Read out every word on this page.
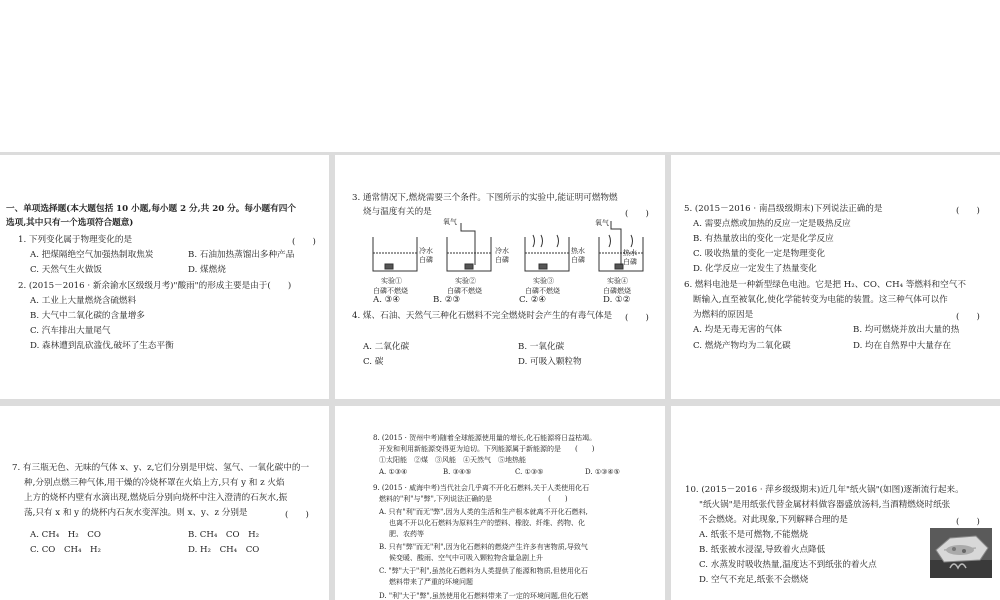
一、单项选择题(本大题包括 10 小题,每小题 2 分,共 20 分。每小题有四个
选项,其中只有一个选项符合题意)
1. 下列变化属于物理变化的是	(　　)
A. 把煤隔绝空气加强热制取焦炭	B. 石油加热蒸馏出多种产品
C. 天然气生火做饭	D. 煤燃烧
2. (2015－2016 · 新余渝水区级级月考)"酸雨"的形成主要是由于(　　)
A. 工业上大量燃烧含硫燃料
B. 大气中二氧化碳的含量增多
C. 汽车排出大量尾气
D. 森林遭到乱砍滥伐,破坏了生态平衡
3. 通常情况下,燃烧需要三个条件。下图所示的实验中,能证明可燃物燃
烧与温度有关的是	(　　)
氧气	氧气
冷水
白磷
冷水
白磷
热水
白磷
热水
白磷
实验①	实验②	实验③	实验④
白磷不燃烧	白磷不燃烧	白磷不燃烧	白磷燃烧
A. ③④	B. ②③	C. ②④	D. ①②
4. 煤、石油、天然气三种化石燃料不完全燃烧时会产生的有毒气体是 (　　)
A. 二氧化碳	B. 一氧化碳
C. 碳	D. 可吸入颗粒物
5. (2015－2016 · 南昌级级期末)下列说法正确的是	(　　)
A. 需要点燃或加热的反应一定是吸热反应
B. 有热量放出的变化一定是化学反应
C. 吸收热量的变化一定是物理变化
D. 化学反应一定发生了热量变化
6. 燃料电池是一种新型绿色电池。它是把 H₂、CO、CH₄ 等燃料和空气不
断输入,直至被氧化,使化学能转变为电能的装置。这三种气体可以作
为燃料的原因是	(　　)
A. 均是无毒无害的气体	B. 均可燃烧并放出大量的热
C. 燃烧产物均为二氧化碳	D. 均在自然界中大量存在
7. 有三瓶无色、无味的气体 x、y、z,它们分别是甲烷、氢气、一氧化碳中的一
种,分别点燃三种气体,用干燥的冷烧杯罩在火焰上方,只有 y 和 z 火焰
上方的烧杯内壁有水滴出现,燃烧后分别向烧杯中注入澄清的石灰水,振
荡,只有 x 和 y 的烧杯内石灰水变浑浊。则 x、y、z 分别是	(　　)
A. CH₄　H₂　CO	B. CH₄　CO　H₂
C. CO　CH₄　H₂	D. H₂　CH₄　CO
8. (2015 · 贺州中考)随着全球能源使用量的增长,化石能源将日益枯竭。
开发和利用新能源变得更为迫切。下列能源属于新能源的是　　(　　)
①太阳能　②煤　③风能　④天然气　⑤地热能
A. ①③④	B. ③④⑤	C. ①③⑤	D. ①③④⑤
9. (2015 · 威海中考)当代社会几乎离不开化石燃料,关于人类使用化石
燃料的"利"与"弊",下列说法正确的是　　　　　　　　(　　)
A. 只有"利"而无"弊",因为人类的生活和生产根本就离不开化石燃料,
也离不开以化石燃料为原料生产的塑料、橡胶、纤维、药物、化
肥、农药等
B. 只有"弊"而无"利",因为化石燃料的燃烧产生许多有害物质,导致气
候变暖、酸雨、空气中可吸入颗粒物含量急剧上升
C. "弊"大于"利",虽然化石燃料为人类提供了能源和物质,但使用化石
燃料带来了严重的环境问题
D. "利"大于"弊",虽然使用化石燃料带来了一定的环境问题,但化石燃
10. (2015－2016 · 萍乡级级期末)近几年"纸火锅"(如图)逐渐流行起来。
"纸火锅"是用纸张代替金属材料做容器盛放汤料,当酒精燃烧时纸张
不会燃烧。对此现象,下列解释合理的是	(　　)
A. 纸张不是可燃物,不能燃烧
B. 纸张被水浸湿,导致着火点降低
C. 水蒸发时吸收热量,温度达不到纸张的着火点
D. 空气不充足,纸张不会燃烧
